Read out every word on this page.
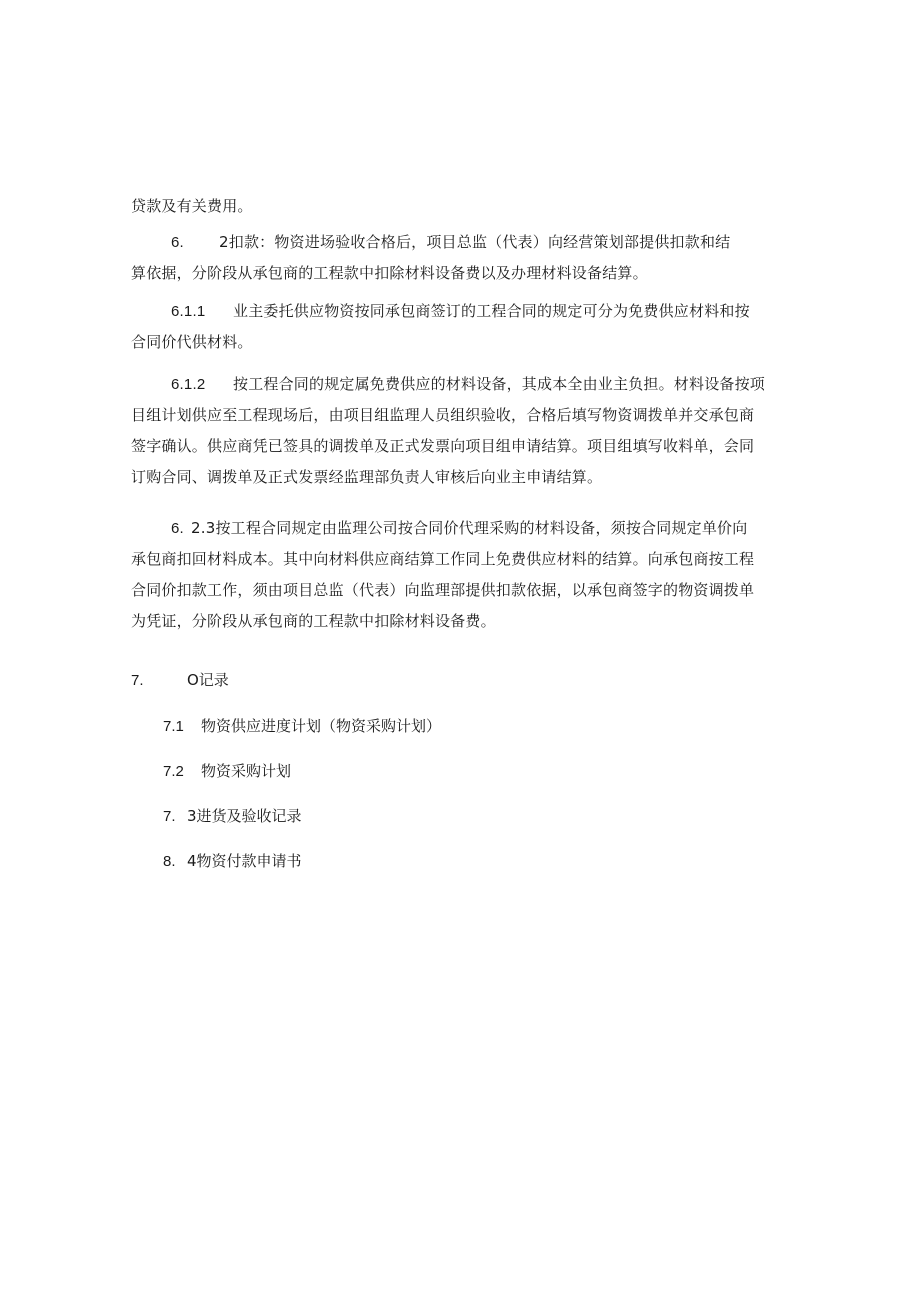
贷款及有关费用。

6. 2扣款：物资进场验收合格后，项目总监（代表）向经营策划部提供扣款和结
算依据，分阶段从承包商的工程款中扣除材料设备费以及办理材料设备结算。

6.1.1 业主委托供应物资按同承包商签订的工程合同的规定可分为免费供应材料和按
合同价代供材料。

6.1.2 按工程合同的规定属免费供应的材料设备，其成本全由业主负担。材料设备按项
目组计划供应至工程现场后，由项目组监理人员组织验收，合格后填写物资调拨单并交承包商
签字确认。供应商凭已签具的调拨单及正式发票向项目组申请结算。项目组填写收料单，会同
订购合同、调拨单及正式发票经监理部负责人审核后向业主申请结算。

6. 2.3按工程合同规定由监理公司按合同价代理采购的材料设备，须按合同规定单价向
承包商扣回材料成本。其中向材料供应商结算工作同上免费供应材料的结算。向承包商按工程
合同价扣款工作，须由项目总监（代表）向监理部提供扣款依据，以承包商签字的物资调拨单
为凭证，分阶段从承包商的工程款中扣除材料设备费。

7.	O记录
7.1 物资供应进度计划（物资采购计划）
7.2 物资采购计划
7. 3进货及验收记录
8. 4物资付款申请书
